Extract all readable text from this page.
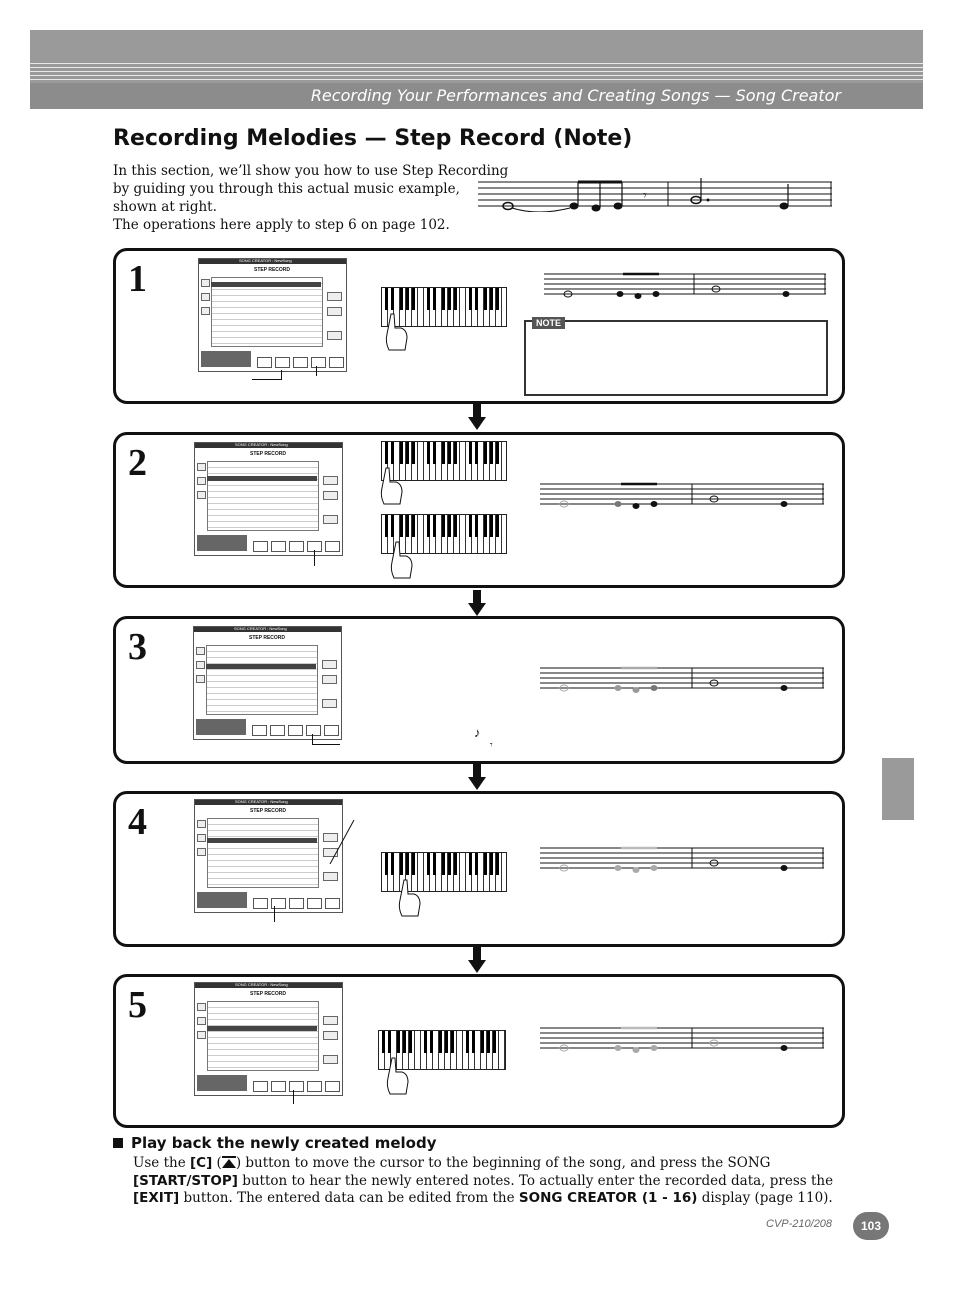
Recording Your Performances and Creating Songs — Song Creator
Recording Melodies — Step Record (Note)
In this section, we’ll show you how to use Step Recording
by guiding you through this actual music example,
shown at right.
The operations here apply to step 6 on page 102.
𝄾
1	SONG CREATOR : NewSong
STEP RECORD
NOTE
2	SONG CREATOR : NewSong
STEP RECORD
3	SONG CREATOR : NewSong
STEP RECORD
♪
𝄾
4	SONG CREATOR : NewSong
STEP RECORD
5	SONG CREATOR : NewSong
STEP RECORD
Play back the newly created melody
Use the [C] ( ) button to move the cursor to the beginning of the song, and press the SONG [START/STOP] button to hear the newly entered notes. To actually enter the recorded data, press the [EXIT] button. The entered data can be edited from the SONG CREATOR (1 - 16) display (page 110).
CVP-210/208	103
